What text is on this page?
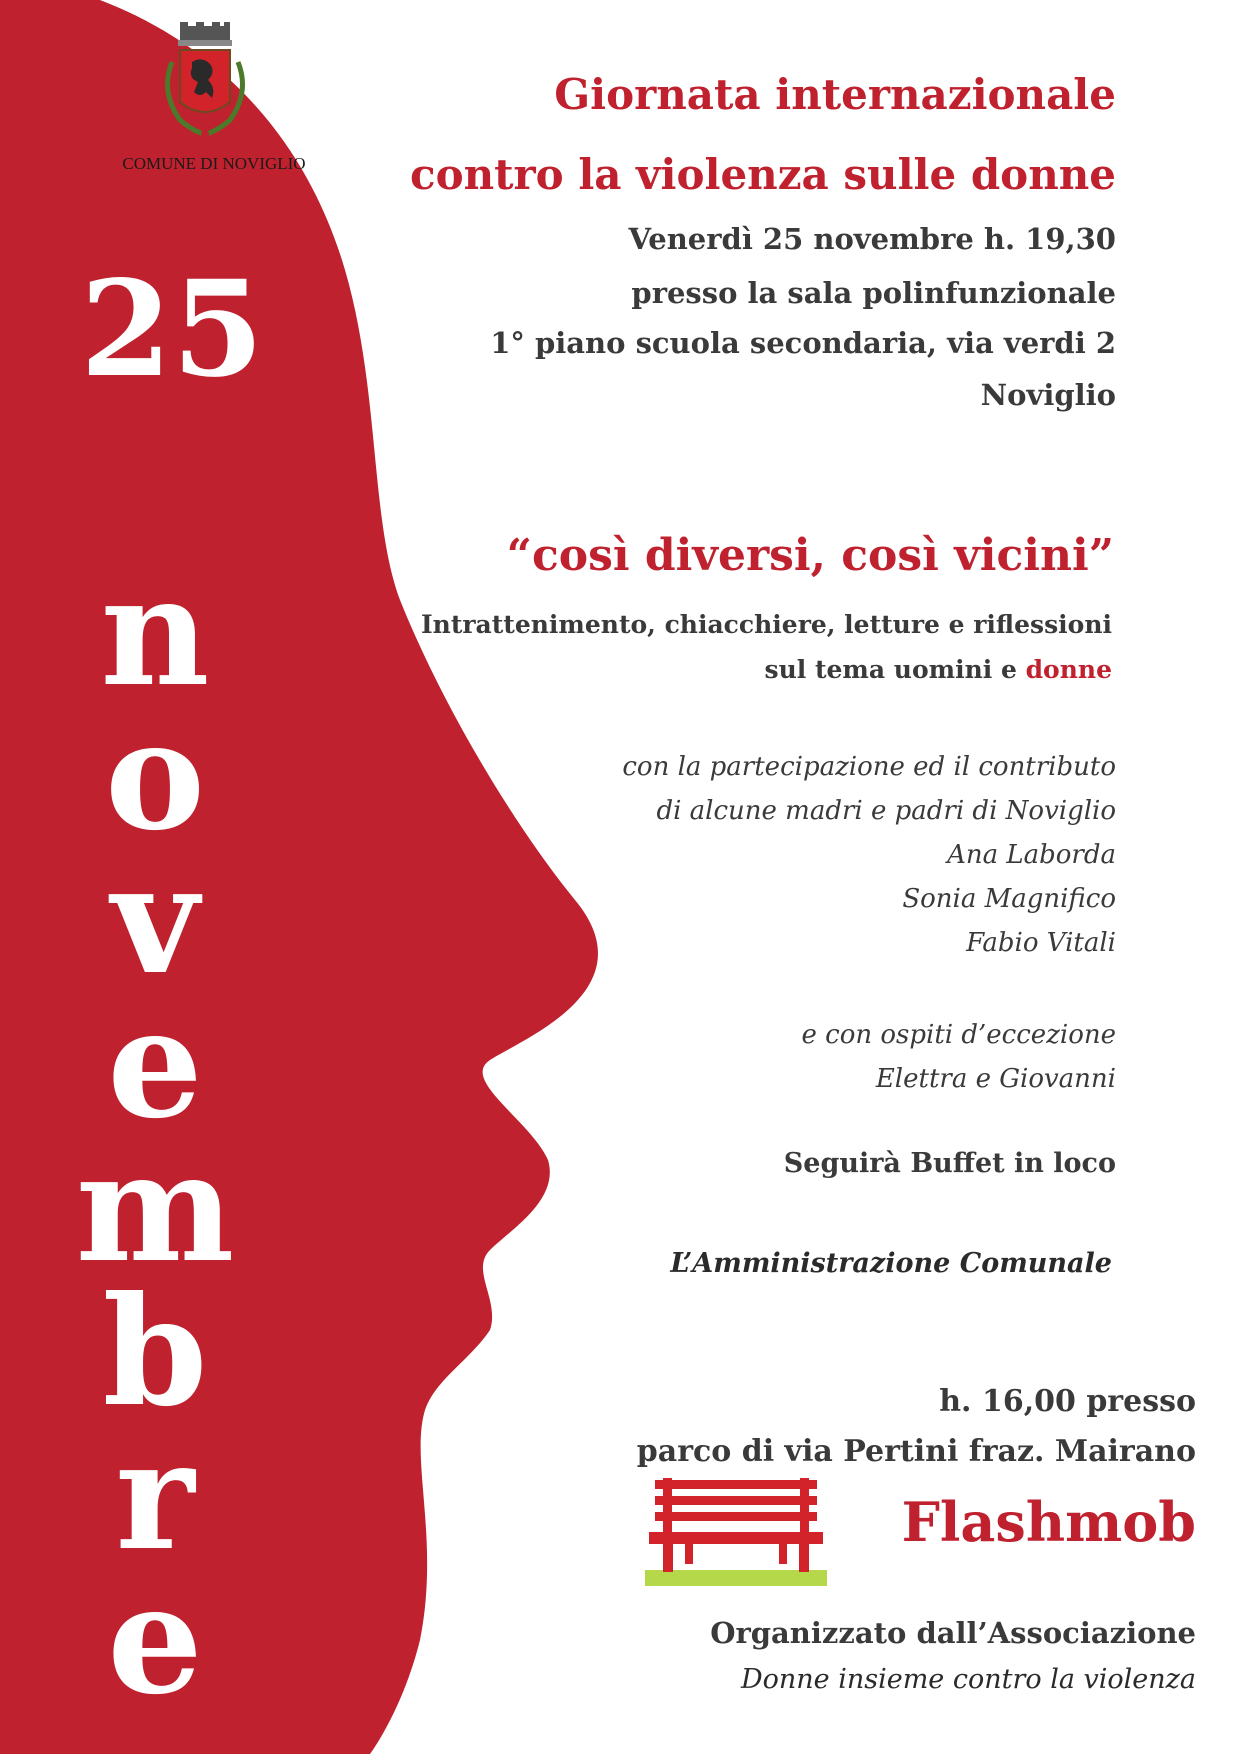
COMUNE DI NOVIGLIO
25
n
o
v
e
m
b
r
e
Giornata internazionale
contro la violenza sulle donne
Venerdì 25 novembre h. 19,30
presso la sala polinfunzionale
1° piano scuola secondaria, via verdi 2
Noviglio
“così diversi, così vicini”
Intrattenimento, chiacchiere, letture e riflessioni
sul tema uomini e donne
con la partecipazione ed il contributo
di alcune madri e padri di Noviglio
Ana Laborda
Sonia Magnifico
Fabio Vitali
e con ospiti d’eccezione
Elettra e Giovanni
Seguirà Buffet in loco
L’Amministrazione Comunale
h. 16,00 presso
parco di via Pertini fraz. Mairano
Flashmob
Organizzato dall’Associazione
Donne insieme contro la violenza
